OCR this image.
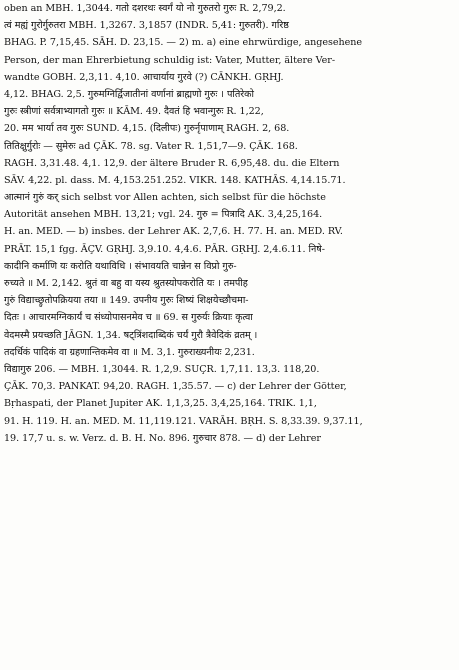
oben an MBH. 1,3044. गतो दशरथः स्वर्गं यो नो गुरुतरो गुरुः R. 2,79,2.
त्वं मह्यं गुरोर्गुरुतरा MBH. 1,3267. 3,1857 (INDR. 5,41: गुरुतरी). गरिष्ठ
BHAG. P. 7,15,45. SĀH. D. 23,15. — 2) m. a) eine ehrwürdige, angesehene
Person, der man Ehrerbietung schuldig ist: Vater, Mutter, ältere Ver-
wandte GOBH. 2,3,11. 4,10. आचार्याय गुरवे (?) CĀNKH. GṚHJ.
4,12. BHAG. 2,5. गुरुमग्निर्द्विजातीनां वर्णानां ब्राह्मणो गुरुः । पतिरेको
गुरुः स्त्रीणां सर्वत्राभ्यागतो गुरुः ॥ KĀM. 49. दैवतं हि भवान्गुरुः R. 1,22,
20. मम भार्या तव गुरुः SUND. 4,15. (दिलीपः) गुरुर्नृपाणाम् RAGH. 2, 68.
तितिक्षुर्गुरोः — सुमेरुः ad ÇĀK. 78. sg. Vater R. 1,51,7—9. ÇĀK. 168.
RAGH. 3,31.48. 4,1. 12,9. der ältere Bruder R. 6,95,48. du. die Eltern
SĀV. 4,22. pl. dass. M. 4,153.251.252. VIKR. 148. KATHĀS. 4,14.15.71.
आत्मानं गुरुं कर् sich selbst vor Allen achten, sich selbst für die höchste
Autorität ansehen MBH. 13,21; vgl. 24. गुरु = पित्रादि AK. 3,4,25,164.
H. an. MED. — b) insbes. der Lehrer AK. 2,7,6. H. 77. H. an. MED. RV.
PRĀT. 15,1 fgg. ĀÇV. GṚHJ. 3,9.10. 4,4.6. PĀR. GṚHJ. 2,4.6.11. निषे-
कादीनि कर्माणि यः करोति यथाविधि । संभावयति चान्नेन स विप्रो गुरु-
रुच्यते ॥ M. 2,142. श्रुतं वा बहु वा यस्य श्रुतस्योपकरोति यः । तमपीह
गुरुं विद्याच्छ्रुतोपक्रियया तया ॥ 149. उपनीय गुरुः शिष्यं शिक्षयेच्छौचमा-
दितः । आचारमग्निकार्यं च संध्योपासनमेव च ॥ 69. स गुरुर्यः क्रियाः कृत्वा
वेदमस्मै प्रयच्छति JĀGN. 1,34. षट्त्रिंशदाब्दिकं चर्यं गुरौ त्रैवेदिकं व्रतम् ।
तदर्धिकं पादिकं वा ग्रहणान्तिकमेव वा ॥ M. 3,1. गुरुराख्यनीयः 2,231.
विद्यागुरु 206. — MBH. 1,3044. R. 1,2,9. SUÇR. 1,7,11. 13,3. 118,20.
ÇĀK. 70,3. PANKAT. 94,20. RAGH. 1,35.57. — c) der Lehrer der Götter,
Bṛhaspati, der Planet Jupiter AK. 1,1,3,25. 3,4,25,164. TRIK. 1,1,
91. H. 119. H. an. MED. M. 11,119.121. VARĀH. BṚH. S. 8,33.39. 9,37.11,
19. 17,7 u. s. w. Verz. d. B. H. No. 896. गुरुचार 878. — d) der Lehrer
